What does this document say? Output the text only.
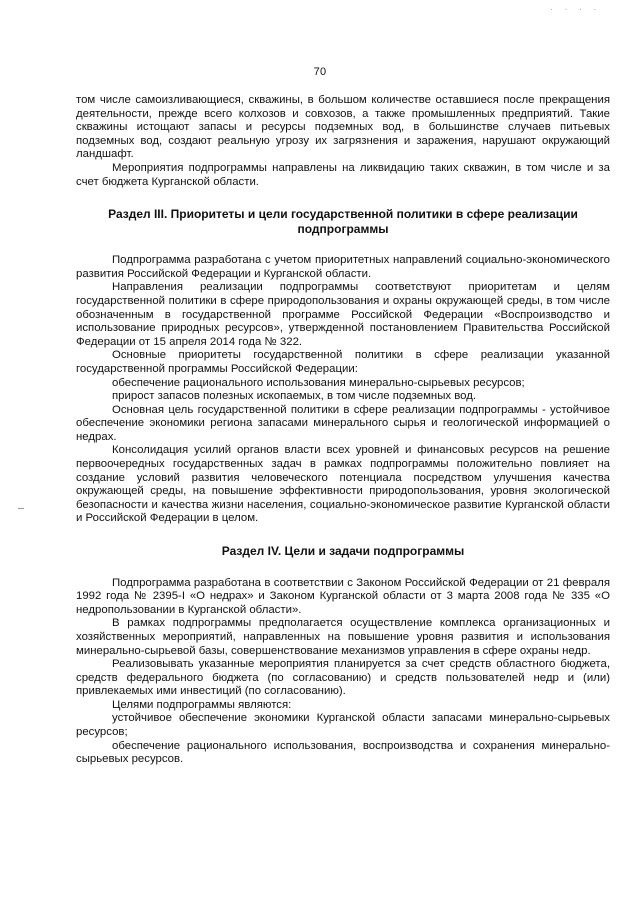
· · · ·
70

том числе самоизливающиеся, скважины, в большом количестве оставшиеся после прекращения деятельности, прежде всего колхозов и совхозов, а также промышленных предприятий. Такие скважины истощают запасы и ресурсы подземных вод, в большинстве случаев питьевых подземных вод, создают реальную угрозу их загрязнения и заражения, нарушают окружающий ландшафт.

Мероприятия подпрограммы направлены на ликвидацию таких скважин, в том числе и за счет бюджета Курганской области.

Раздел III. Приоритеты и цели государственной политики в сфере реализации подпрограммы

Подпрограмма разработана с учетом приоритетных направлений социально-экономического развития Российской Федерации и Курганской области.

Направления реализации подпрограммы соответствуют приоритетам и целям государственной политики в сфере природопользования и охраны окружающей среды, в том числе обозначенным в государственной программе Российской Федерации «Воспроизводство и использование природных ресурсов», утвержденной постановлением Правительства Российской Федерации от 15 апреля 2014 года № 322.

Основные приоритеты государственной политики в сфере реализации указанной государственной программы Российской Федерации:

обеспечение рационального использования минерально-сырьевых ресурсов;

прирост запасов полезных ископаемых, в том числе подземных вод.

Основная цель государственной политики в сфере реализации подпрограммы - устойчивое обеспечение экономики региона запасами минерального сырья и геологической информацией о недрах.

Консолидация усилий органов власти всех уровней и финансовых ресурсов на решение первоочередных государственных задач в рамках подпрограммы положительно повлияет на создание условий развития человеческого потенциала посредством улучшения качества окружающей среды, на повышение эффективности природопользования, уровня экологической безопасности и качества жизни населения, социально-экономическое развитие Курганской области и Российской Федерации в целом.

Раздел IV. Цели и задачи подпрограммы

Подпрограмма разработана в соответствии с Законом Российской Федерации от 21 февраля 1992 года № 2395-I «О недрах» и Законом Курганской области от 3 марта 2008 года № 335 «О недропользовании в Курганской области».

В рамках подпрограммы предполагается осуществление комплекса организационных и хозяйственных мероприятий, направленных на повышение уровня развития и использования минерально-сырьевой базы, совершенствование механизмов управления в сфере охраны недр.

Реализовывать указанные мероприятия планируется за счет средств областного бюджета, средств федерального бюджета (по согласованию) и средств пользователей недр и (или) привлекаемых ими инвестиций (по согласованию).

Целями подпрограммы являются:

устойчивое обеспечение экономики Курганской области запасами минерально-сырьевых ресурсов;

обеспечение рационального использования, воспроизводства и сохранения минерально-сырьевых ресурсов.
